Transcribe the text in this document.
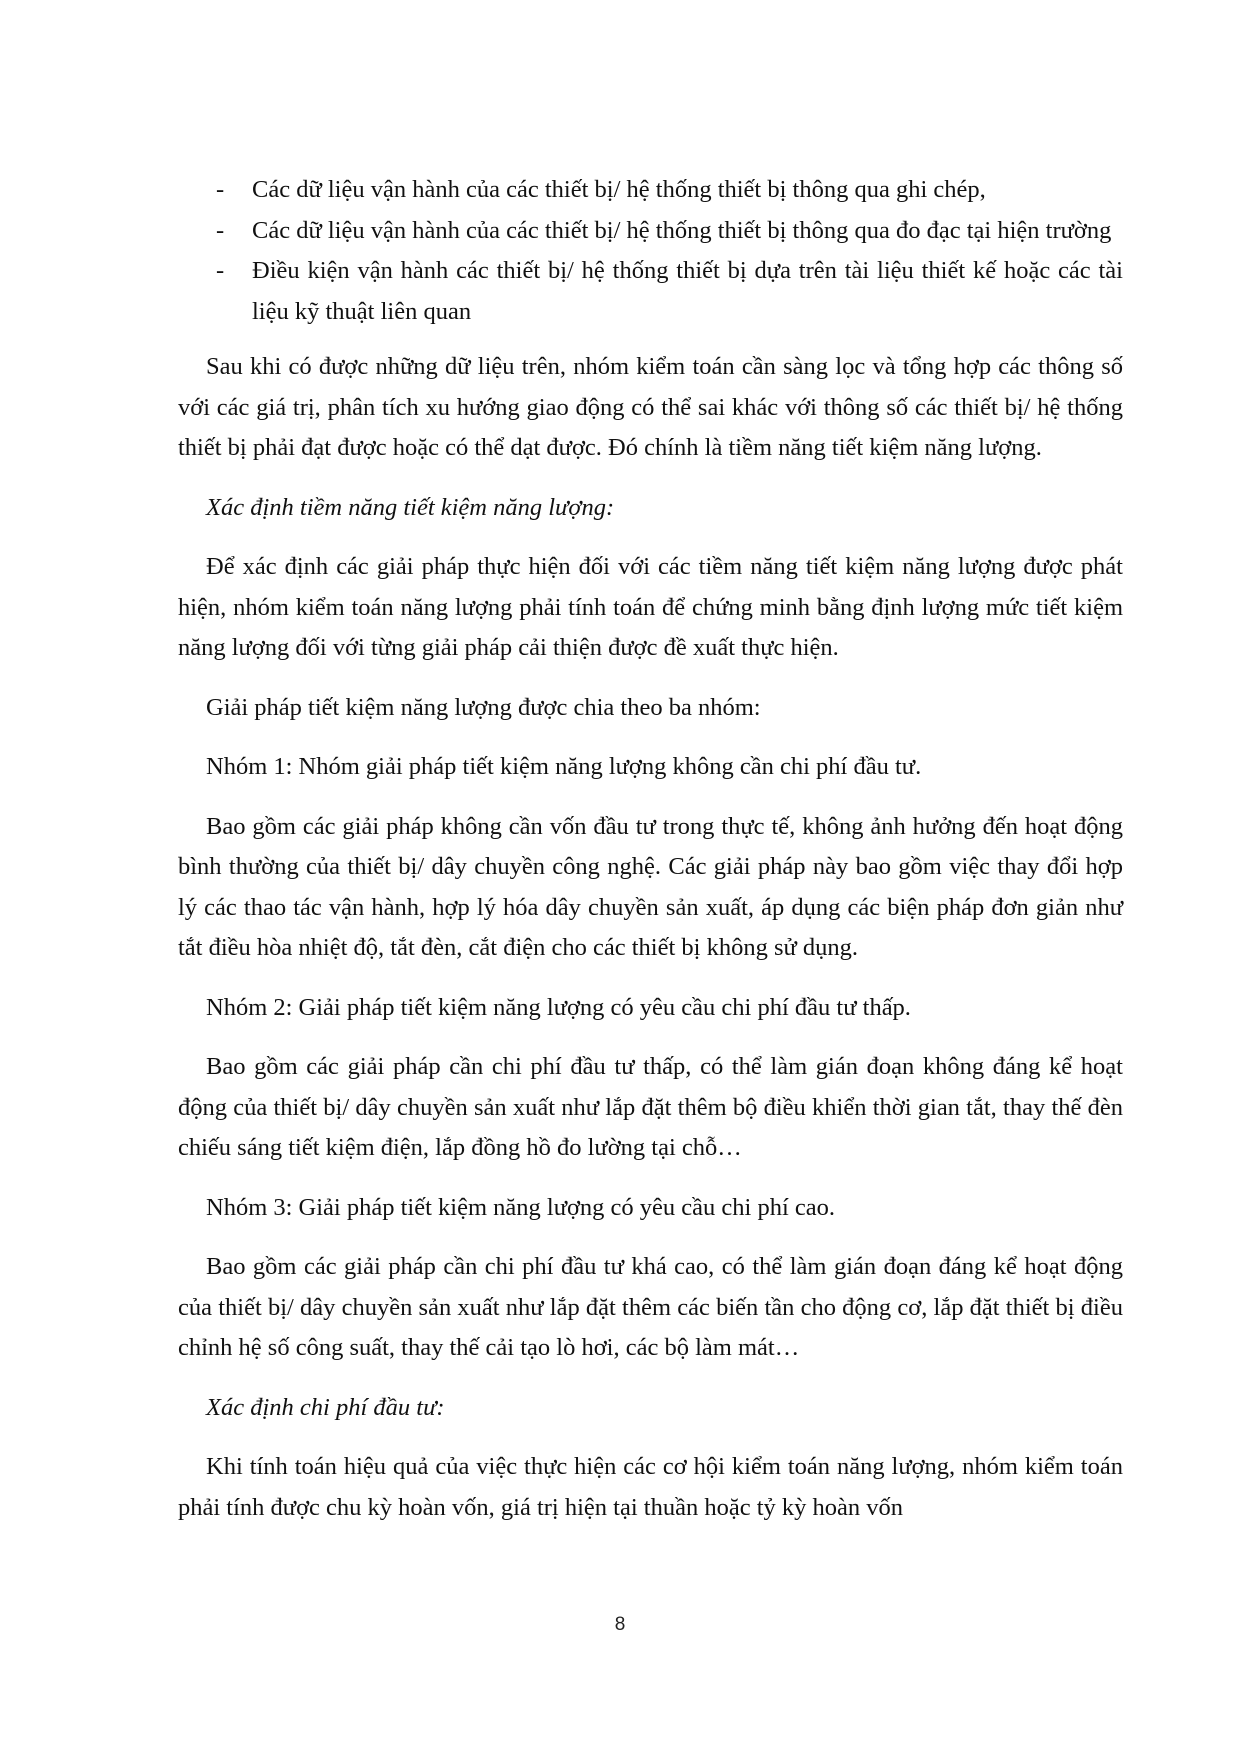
- Các dữ liệu vận hành của các thiết bị/ hệ thống thiết bị thông qua ghi chép,
- Các dữ liệu vận hành của các thiết bị/ hệ thống thiết bị thông qua đo đạc tại hiện trường
- Điều kiện vận hành các thiết bị/ hệ thống thiết bị dựa trên tài liệu thiết kế hoặc các tài liệu kỹ thuật liên quan

Sau khi có được những dữ liệu trên, nhóm kiểm toán cần sàng lọc và tổng hợp các thông số với các giá trị, phân tích xu hướng giao động có thể sai khác với thông số các thiết bị/ hệ thống thiết bị phải đạt được hoặc có thể dạt được. Đó chính là tiềm năng tiết kiệm năng lượng.

Xác định tiềm năng tiết kiệm năng lượng:

Để xác định các giải pháp thực hiện đối với các tiềm năng tiết kiệm năng lượng được phát hiện, nhóm kiểm toán năng lượng phải tính toán để chứng minh bằng định lượng mức tiết kiệm năng lượng đối với từng giải pháp cải thiện được đề xuất thực hiện.

Giải pháp tiết kiệm năng lượng được chia theo ba nhóm:

Nhóm 1: Nhóm giải pháp tiết kiệm năng lượng không cần chi phí đầu tư.

Bao gồm các giải pháp không cần vốn đầu tư trong thực tế, không ảnh hưởng đến hoạt động bình thường của thiết bị/ dây chuyền công nghệ. Các giải pháp này bao gồm việc thay đổi hợp lý các thao tác vận hành, hợp lý hóa dây chuyền sản xuất, áp dụng các biện pháp đơn giản như tắt điều hòa nhiệt độ, tắt đèn, cắt điện cho các thiết bị không sử dụng.

Nhóm 2: Giải pháp tiết kiệm năng lượng có yêu cầu chi phí đầu tư thấp.

Bao gồm các giải pháp cần chi phí đầu tư thấp, có thể làm gián đoạn không đáng kể hoạt động của thiết bị/ dây chuyền sản xuất như lắp đặt thêm bộ điều khiển thời gian tắt, thay thế đèn chiếu sáng tiết kiệm điện, lắp đồng hồ đo lường tại chỗ…

Nhóm 3: Giải pháp tiết kiệm năng lượng có yêu cầu chi phí cao.

Bao gồm các giải pháp cần chi phí đầu tư khá cao, có thể làm gián đoạn đáng kể hoạt động của thiết bị/ dây chuyền sản xuất như lắp đặt thêm các biến tần cho động cơ, lắp đặt thiết bị điều chỉnh hệ số công suất, thay thế cải tạo lò hơi, các bộ làm mát…

Xác định chi phí đầu tư:

Khi tính toán hiệu quả của việc thực hiện các cơ hội kiểm toán năng lượng, nhóm kiểm toán phải tính được chu kỳ hoàn vốn, giá trị hiện tại thuần hoặc tỷ kỳ hoàn vốn

8
